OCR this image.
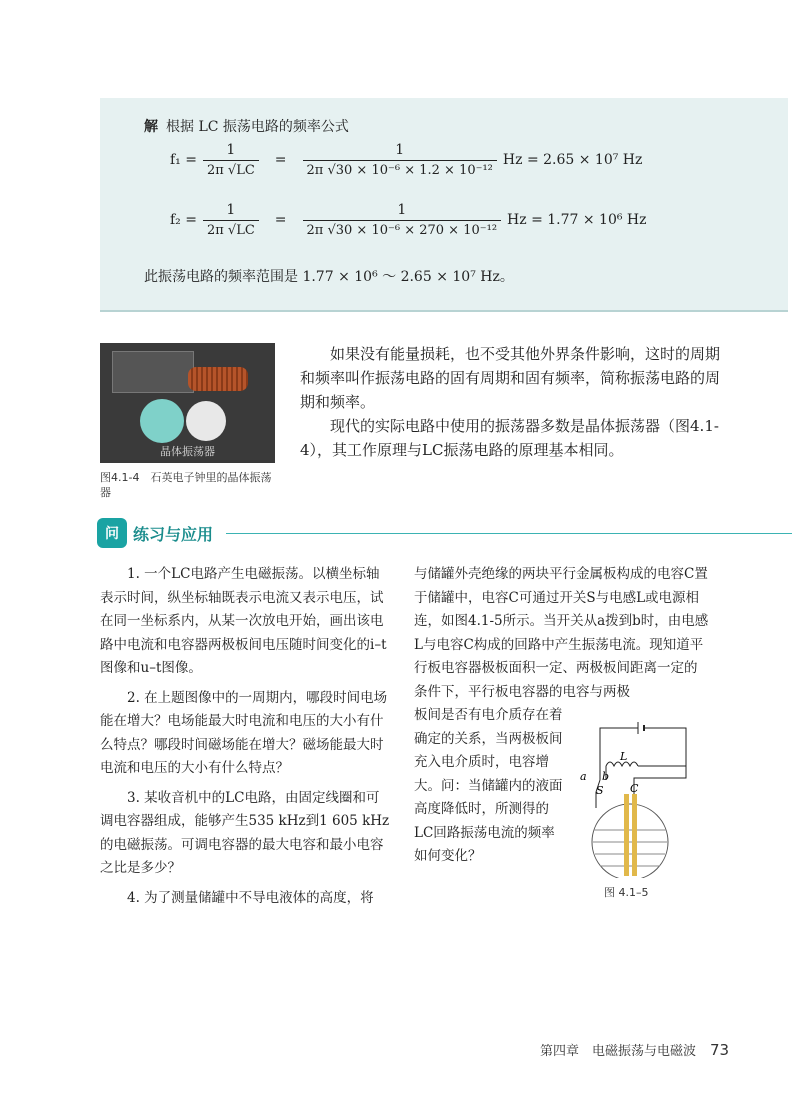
解 根据 LC 振荡电路的频率公式
$f_1 = \frac{1}{2\pi √LC} = \frac{1}{\text{2π √30 × 10⁻⁶ × 1.2 × 10⁻¹²}}$ Hz = 2.65 × 10⁷ Hz
$f_2 = \frac{1}{2\pi √LC} = \frac{1}{\text{2π √30 × 10⁻⁶ × 270 × 10⁻¹²}}$ Hz = 1.77 × 10⁶ Hz
此振荡电路的频率范围是 1.77 × 10⁶ ～ 2.65 × 10⁷ Hz。
晶体振荡器
图4.1-4　石英电子钟里的晶体振荡器
如果没有能量损耗，也不受其他外界条件影响，这时的周期和频率叫作振荡电路的固有周期和固有频率，简称振荡电路的周期和频率。
现代的实际电路中使用的振荡器多数是晶体振荡器（图4.1-4），其工作原理与LC振荡电路的原理基本相同。
问 练习与应用

1. 一个LC电路产生电磁振荡。以横坐标轴表示时间，纵坐标轴既表示电流又表示电压，试在同一坐标系内，从某一次放电开始，画出该电路中电流和电容器两极板间电压随时间变化的i–t图像和u–t图像。

2. 在上题图像中的一周期内，哪段时间电场能在增大？电场能最大时电流和电压的大小有什么特点？哪段时间磁场能在增大？磁场能最大时电流和电压的大小有什么特点？

3. 某收音机中的LC电路，由固定线圈和可调电容器组成，能够产生535 kHz到1 605 kHz的电磁振荡。可调电容器的最大电容和最小电容之比是多少？

4. 为了测量储罐中不导电液体的高度，将

与储罐外壳绝缘的两块平行金属板构成的电容C置于储罐中，电容C可通过开关S与电感L或电源相连，如图4.1-5所示。当开关从a拨到b时，由电感L与电容C构成的回路中产生振荡电流。现知道平行板电容器极板面积一定、两极板间距离一定的条件下，平行板电容器的电容与两极

板间是否有电介质存在着确定的关系，当两极板间充入电介质时，电容增大。问：当储罐内的液面高度降低时，所测得的LC回路振荡电流的频率如何变化？

a b
L
S C
图 4.1–5
第四章　电磁振荡与电磁波 73
